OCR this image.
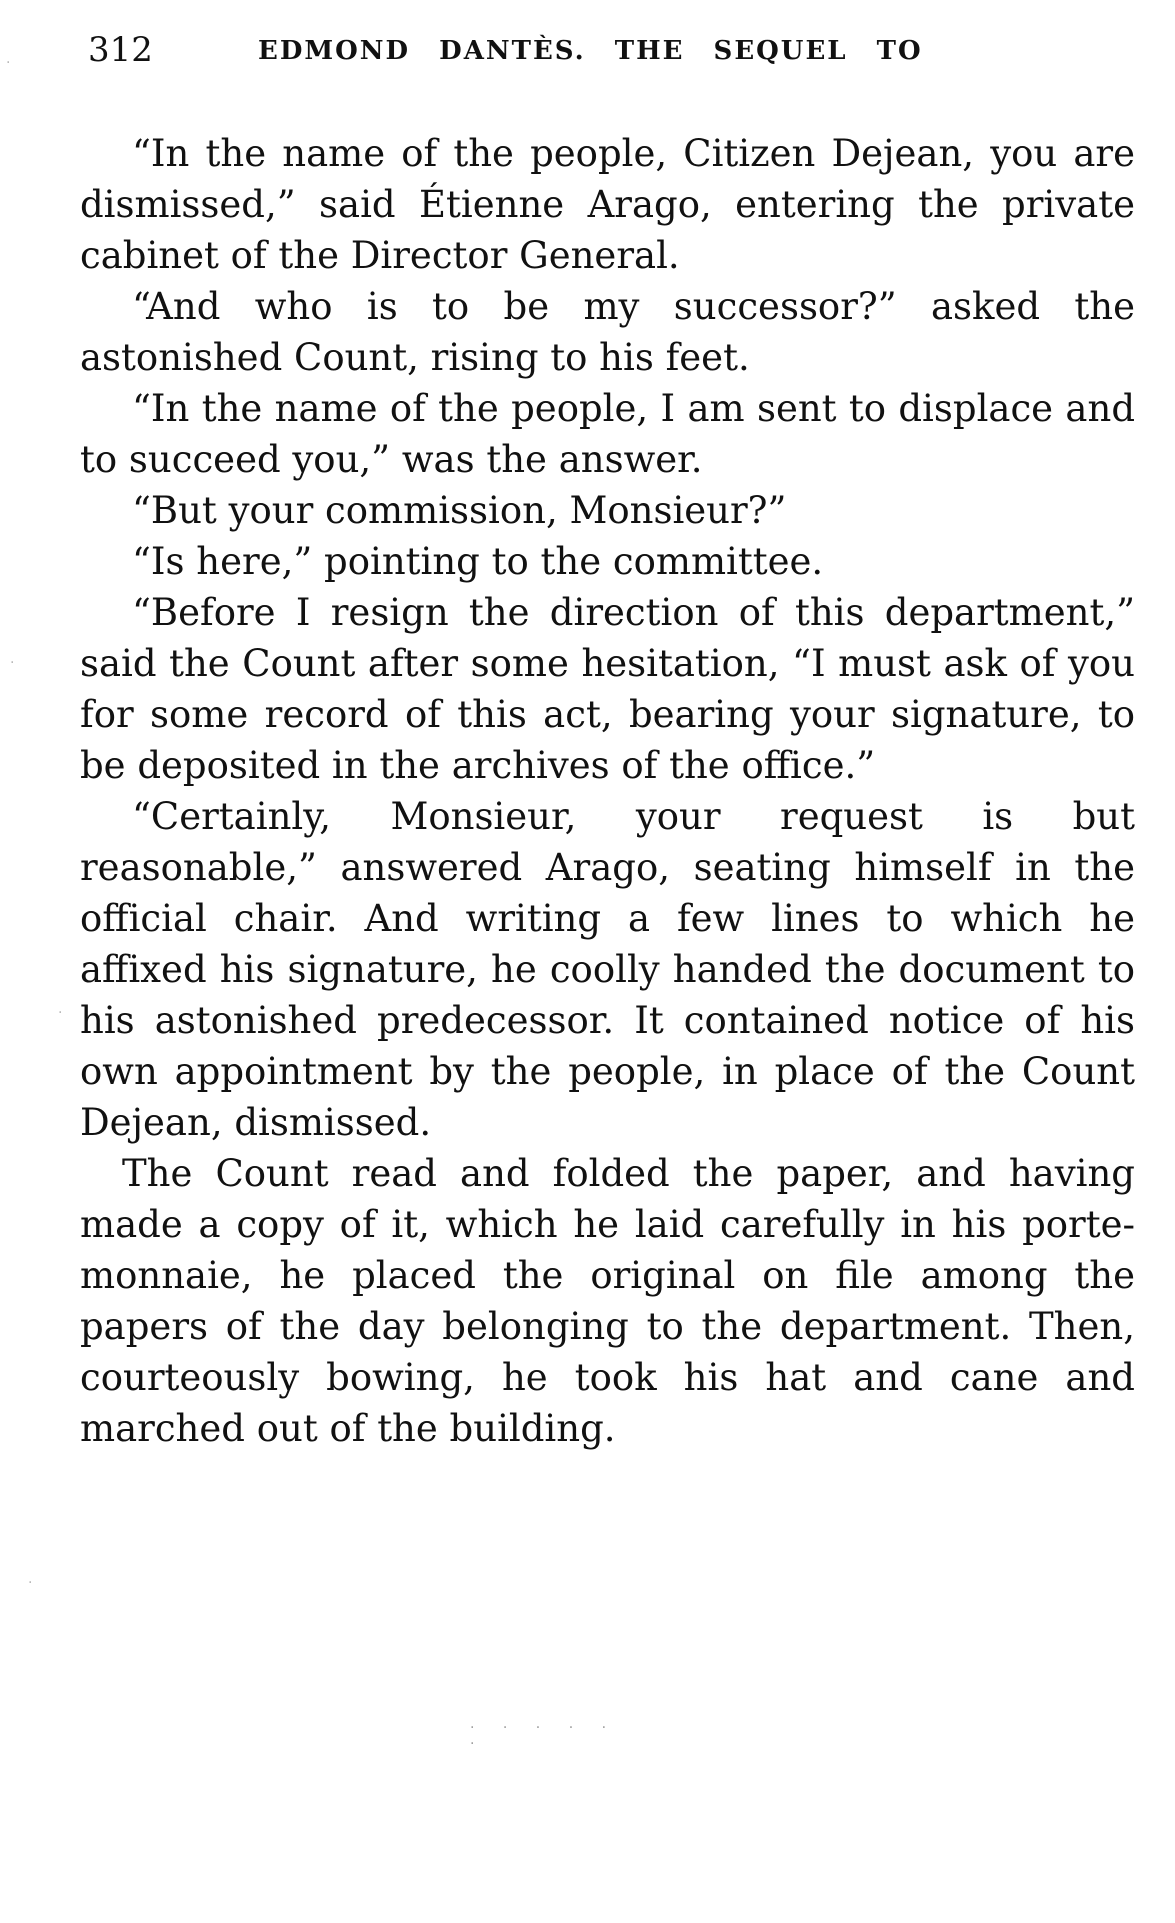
312	EDMOND DANTÈS. THE SEQUEL TO

“In the name of the people, Citizen Dejean, you are dismissed,” said Étienne Arago, entering the private cabinet of the Director General.

“And who is to be my successor?” asked the astonished Count, rising to his feet.

“In the name of the people, I am sent to displace and to succeed you,” was the answer.

“But your commission, Monsieur?”

“Is here,” pointing to the committee.

“Before I resign the direction of this department,” said the Count after some hesitation, “I must ask of you for some record of this act, bearing your signature, to be deposited in the archives of the office.”

“Certainly, Monsieur, your request is but reasonable,” answered Arago, seating himself in the official chair. And writing a few lines to which he affixed his signature, he coolly handed the document to his astonished predecessor. It contained notice of his own appointment by the people, in place of the Count Dejean, dismissed.

The Count read and folded the paper, and having made a copy of it, which he laid carefully in his porte-monnaie, he placed the original on file among the papers of the day belonging to the department. Then, courteously bowing, he took his hat and cane and marched out of the building.

· · · · · ·
·
·
·
·
